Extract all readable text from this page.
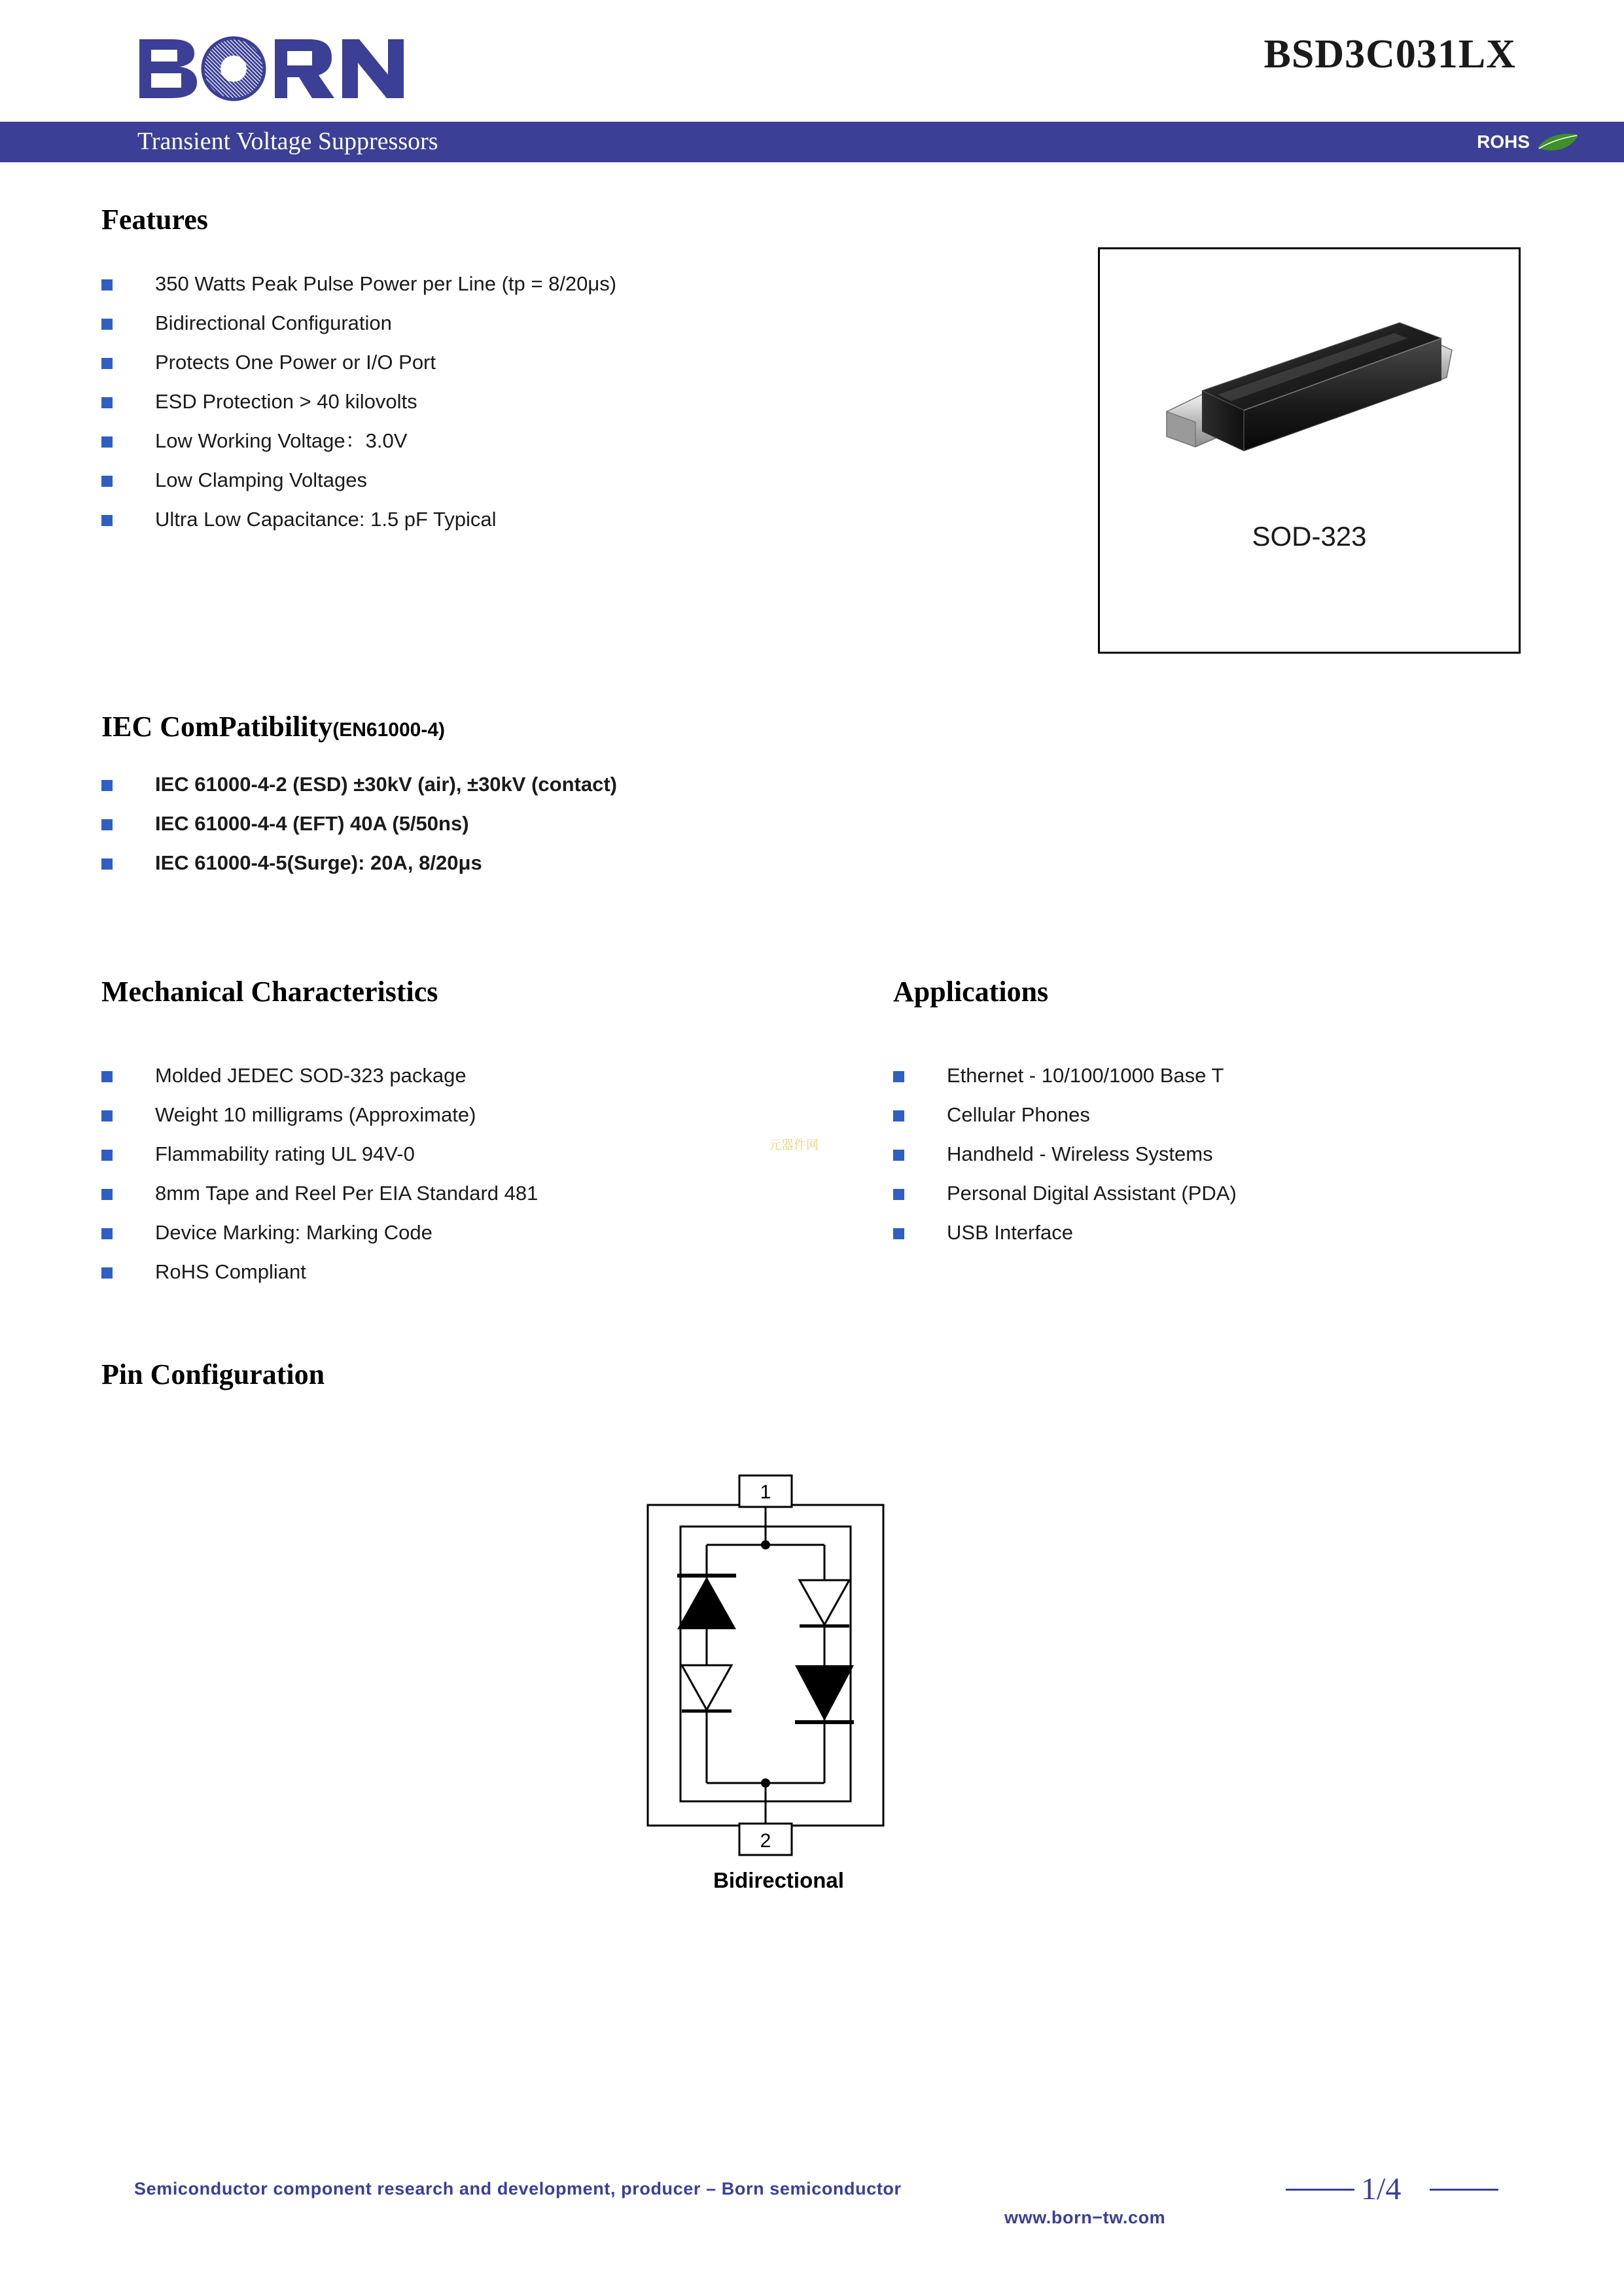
BSD3C031LX
Transient Voltage Suppressors	ROHS
Features
350 Watts Peak Pulse Power per Line (tp = 8/20μs)
Bidirectional Configuration
Protects One Power or I/O Port
ESD Protection > 40 kilovolts
Low Working Voltage：3.0V
Low Clamping Voltages
Ultra Low Capacitance: 1.5 pF Typical
SOD-323
IEC ComPatibility(EN61000-4)
IEC 61000-4-2 (ESD) ±30kV (air), ±30kV (contact)
IEC 61000-4-4 (EFT) 40A (5/50ns)
IEC 61000-4-5(Surge): 20A, 8/20μs
Mechanical Characteristics
Molded JEDEC SOD-323 package
Weight 10 milligrams (Approximate)
Flammability rating UL 94V-0
8mm Tape and Reel Per EIA Standard 481
Device Marking: Marking Code
RoHS Compliant
元器件网
Applications
Ethernet - 10/100/1000 Base T
Cellular Phones
Handheld - Wireless Systems
Personal Digital Assistant (PDA)
USB Interface
Pin Configuration
1
2
Bidirectional
Semiconductor component research and development, producer – Born semiconductor	1/4
www.born−tw.com
